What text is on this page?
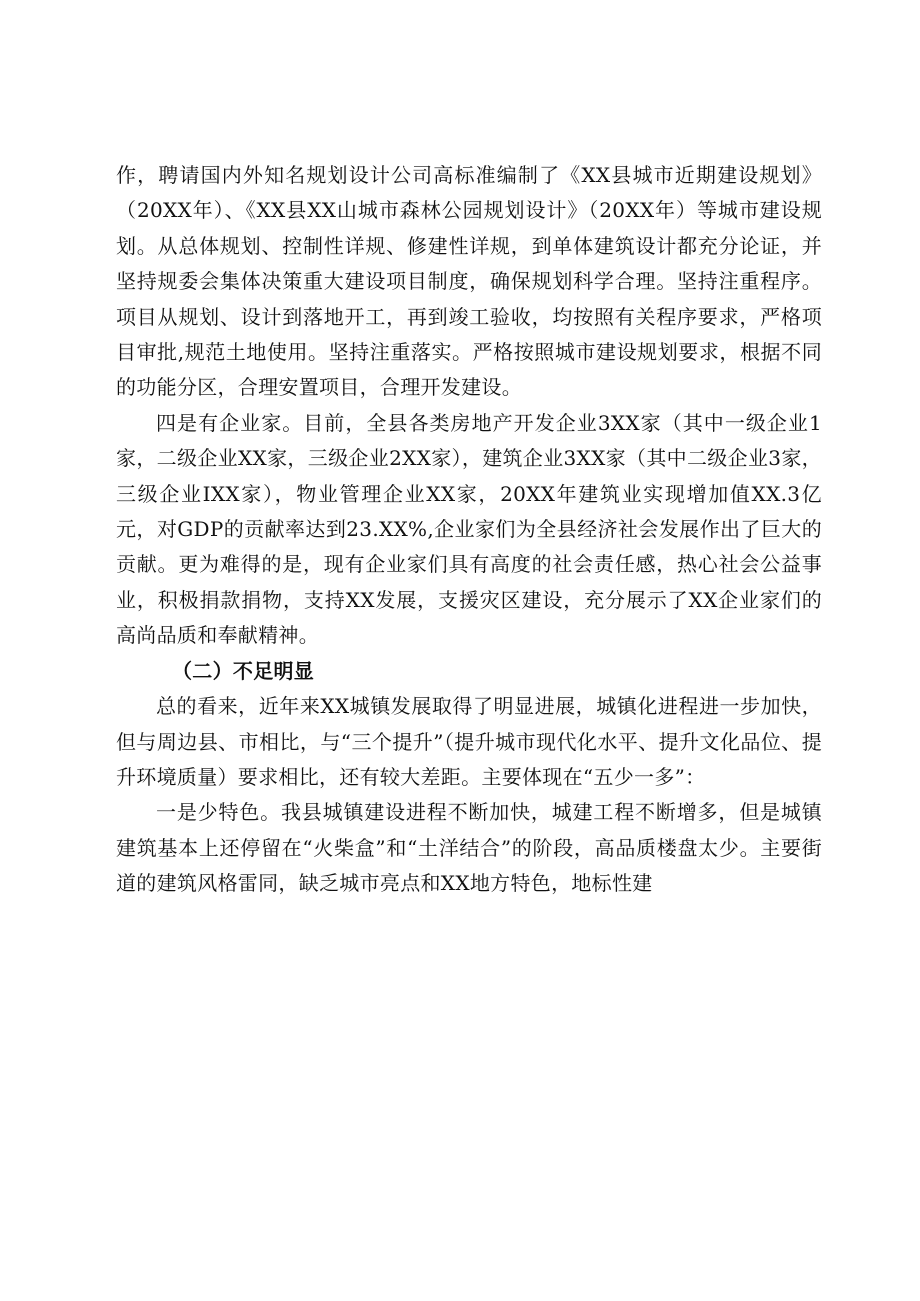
作，聘请国内外知名规划设计公司高标准编制了《XX县城市近期建设规划》（20XX年）、《XX县XX山城市森林公园规划设计》（20XX年）等城市建设规划。从总体规划、控制性详规、修建性详规，到单体建筑设计都充分论证，并坚持规委会集体决策重大建设项目制度，确保规划科学合理。坚持注重程序。项目从规划、设计到落地开工，再到竣工验收，均按照有关程序要求，严格项目审批,规范土地使用。坚持注重落实。严格按照城市建设规划要求，根据不同的功能分区，合理安置项目，合理开发建设。

四是有企业家。目前，全县各类房地产开发企业3XX家（其中一级企业1家，二级企业XX家，三级企业2XX家），建筑企业3XX家（其中二级企业3家，三级企业IXX家），物业管理企业XX家，20XX年建筑业实现增加值XX.3亿元，对GDP的贡献率达到23.XX%,企业家们为全县经济社会发展作出了巨大的贡献。更为难得的是，现有企业家们具有高度的社会责任感，热心社会公益事业，积极捐款捐物，支持XX发展，支援灾区建设，充分展示了XX企业家们的高尚品质和奉献精神。

（二）不足明显

总的看来，近年来XX城镇发展取得了明显进展，城镇化进程进一步加快，但与周边县、市相比，与“三个提升”（提升城市现代化水平、提升文化品位、提升环境质量）要求相比，还有较大差距。主要体现在“五少一多”：

一是少特色。我县城镇建设进程不断加快，城建工程不断增多，但是城镇建筑基本上还停留在“火柴盒”和“土洋结合”的阶段，高品质楼盘太少。主要街道的建筑风格雷同，缺乏城市亮点和XX地方特色，地标性建
